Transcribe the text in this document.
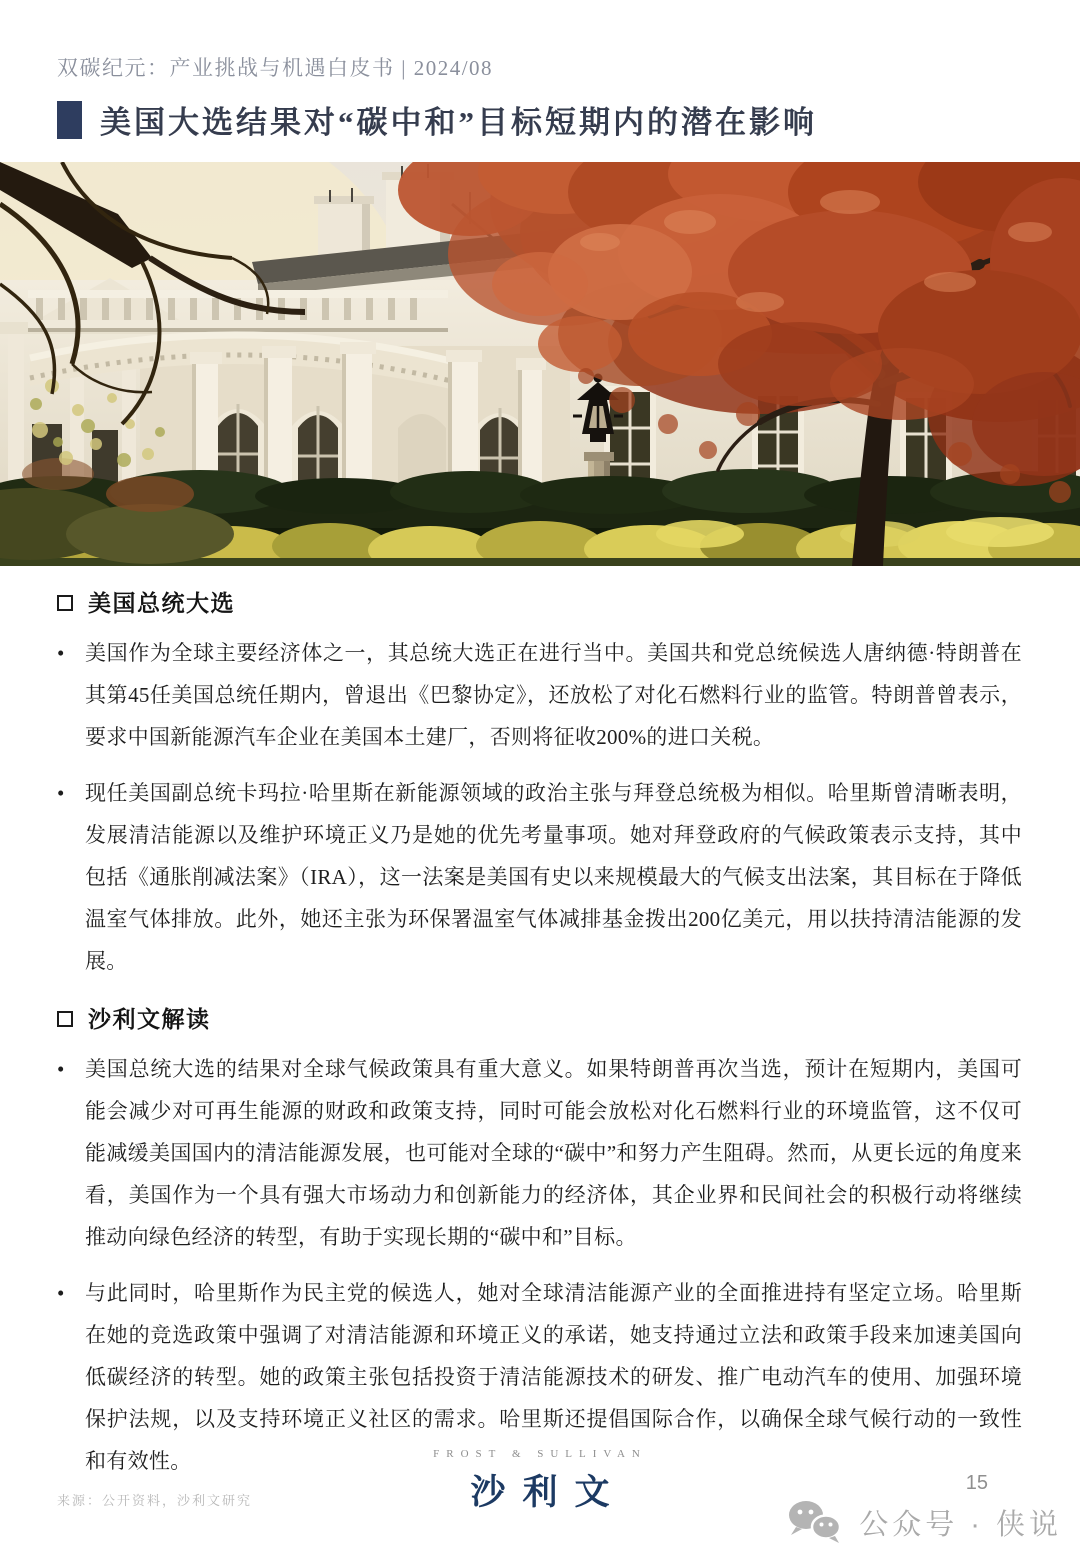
双碳纪元：产业挑战与机遇白皮书 | 2024/08
美国大选结果对“碳中和”目标短期内的潜在影响
美国总统大选
• 美国作为全球主要经济体之一，其总统大选正在进行当中。美国共和党总统候选人唐纳德·特朗普在其第45任美国总统任期内，曾退出《巴黎协定》，还放松了对化石燃料行业的监管。特朗普曾表示，要求中国新能源汽车企业在美国本土建厂，否则将征收200%的进口关税。

• 现任美国副总统卡玛拉·哈里斯在新能源领域的政治主张与拜登总统极为相似。哈里斯曾清晰表明，发展清洁能源以及维护环境正义乃是她的优先考量事项。她对拜登政府的气候政策表示支持，其中包括《通胀削减法案》（IRA），这一法案是美国有史以来规模最大的气候支出法案，其目标在于降低温室气体排放。此外，她还主张为环保署温室气体减排基金拨出200亿美元，用以扶持清洁能源的发展。

沙利文解读
• 美国总统大选的结果对全球气候政策具有重大意义。如果特朗普再次当选，预计在短期内，美国可能会减少对可再生能源的财政和政策支持，同时可能会放松对化石燃料行业的环境监管，这不仅可能减缓美国国内的清洁能源发展，也可能对全球的“碳中”和努力产生阻碍。然而，从更长远的角度来看，美国作为一个具有强大市场动力和创新能力的经济体，其企业界和民间社会的积极行动将继续推动向绿色经济的转型，有助于实现长期的“碳中和”目标。

• 与此同时，哈里斯作为民主党的候选人，她对全球清洁能源产业的全面推进持有坚定立场。哈里斯在她的竞选政策中强调了对清洁能源和环境正义的承诺，她支持通过立法和政策手段来加速美国向低碳经济的转型。她的政策主张包括投资于清洁能源技术的研发、推广电动汽车的使用、加强环境保护法规，以及支持环境正义社区的需求。哈里斯还提倡国际合作，以确保全球气候行动的一致性和有效性。

来源：公开资料，沙利文研究
FROST & SULLIVAN
沙利文	15
公众号 · 侠说
